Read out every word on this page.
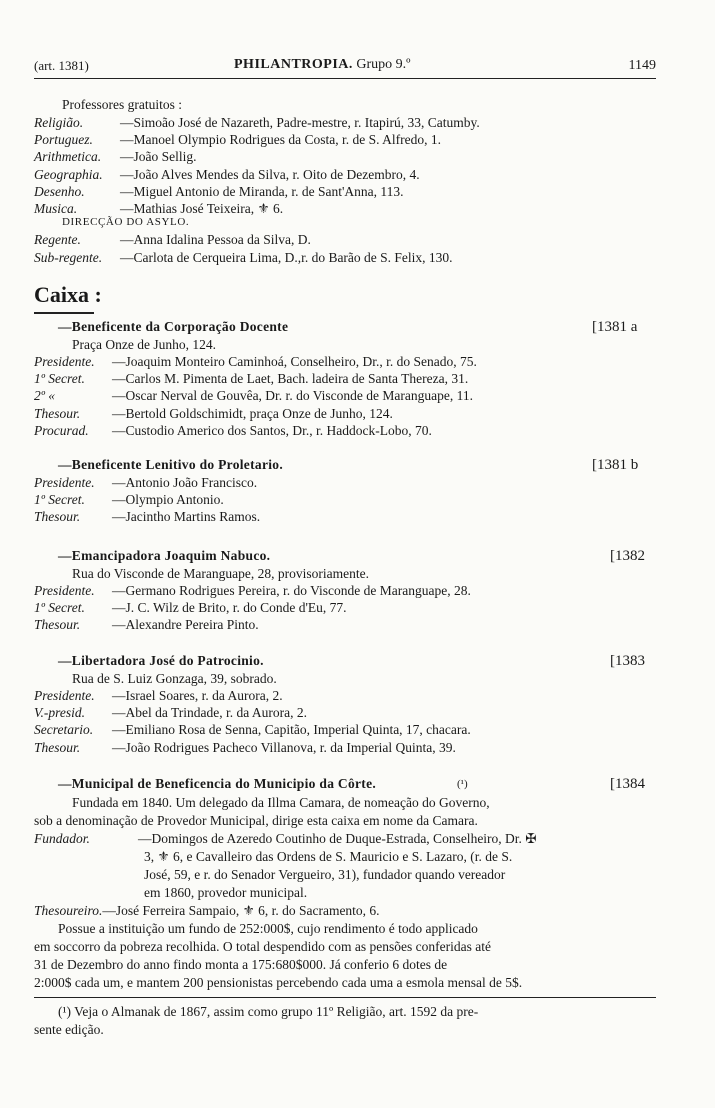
(art. 1381)	PHILANTROPIA. Grupo 9.º	1149
Professores gratuitos :
Religião.	—Simoão José de Nazareth, Padre-mestre, r. Itapirú, 33, Catumby.
Portuguez. —Manoel Olympio Rodrigues da Costa, r. de S. Alfredo, 1.
Arithmetica. —João Sellig.
Geographia. —João Alves Mendes da Silva, r. Oito de Dezembro, 4.
Desenho.	—Miguel Antonio de Miranda, r. de Sant'Anna, 113.
Musica.	—Mathias José Teixeira, ⚜ 6.
DIRECÇÃO DO ASYLO.
Regente.	—Anna Idalina Pessoa da Silva, D.
Sub-regente. —Carlota de Cerqueira Lima, D.,r. do Barão de S. Felix, 130.
Caixa :
—Beneficente da Corporação Docente	[1381 a
Praça Onze de Junho, 124.
Presidente. —Joaquim Monteiro Caminhoá, Conselheiro, Dr., r. do Senado, 75.
1º Secret. —Carlos M. Pimenta de Laet, Bach. ladeira de Santa Thereza, 31.
2º «	—Oscar Nerval de Gouvêa, Dr. r. do Visconde de Maranguape, 11.
Thesour. —Bertold Goldschimidt, praça Onze de Junho, 124.
Procurad. —Custodio Americo dos Santos, Dr., r. Haddock-Lobo, 70.
—Beneficente Lenitivo do Proletario.	[1381 b
Presidente. —Antonio João Francisco.
1º Secret. —Olympio Antonio.
Thesour. —Jacintho Martins Ramos.
—Emancipadora Joaquim Nabuco.	[1382
Rua do Visconde de Maranguape, 28, provisoriamente.
Presidente. —Germano Rodrigues Pereira, r. do Visconde de Maranguape, 28.
1º Secret. —J. C. Wilz de Brito, r. do Conde d'Eu, 77.
Thesour. —Alexandre Pereira Pinto.
—Libertadora José do Patrocinio.	[1383
Rua de S. Luiz Gonzaga, 39, sobrado.
Presidente. —Israel Soares, r. da Aurora, 2.
V.-presid. —Abel da Trindade, r. da Aurora, 2.
Secretario. —Emiliano Rosa de Senna, Capitão, Imperial Quinta, 17, chacara.
Thesour. —João Rodrigues Pacheco Villanova, r. da Imperial Quinta, 39.
—Municipal de Beneficencia do Municipio da Côrte.	(¹)	[1384
Fundada em 1840. Um delegado da Illma Camara, de nomeação do Governo,
sob a denominação de Provedor Municipal, dirige esta caixa em nome da Camara.
Fundador.	—Domingos de Azeredo Coutinho de Duque-Estrada, Conselheiro, Dr. ✠
3, ⚜ 6, e Cavalleiro das Ordens de S. Mauricio e S. Lazaro, (r. de S.
José, 59, e r. do Senador Vergueiro, 31), fundador quando vereador
em 1860, provedor municipal.
Thesoureiro.—José Ferreira Sampaio, ⚜ 6, r. do Sacramento, 6.
Possue a instituição um fundo de 252:000$, cujo rendimento é todo applicado
em soccorro da pobreza recolhida. O total despendido com as pensões conferidas até
31 de Dezembro do anno findo monta a 175:680$000. Já conferio 6 dotes de
2:000$ cada um, e mantem 200 pensionistas percebendo cada uma a esmola mensal de 5$.
(¹) Veja o Almanak de 1867, assim como grupo 11º Religião, art. 1592 da pre-
sente edição.
